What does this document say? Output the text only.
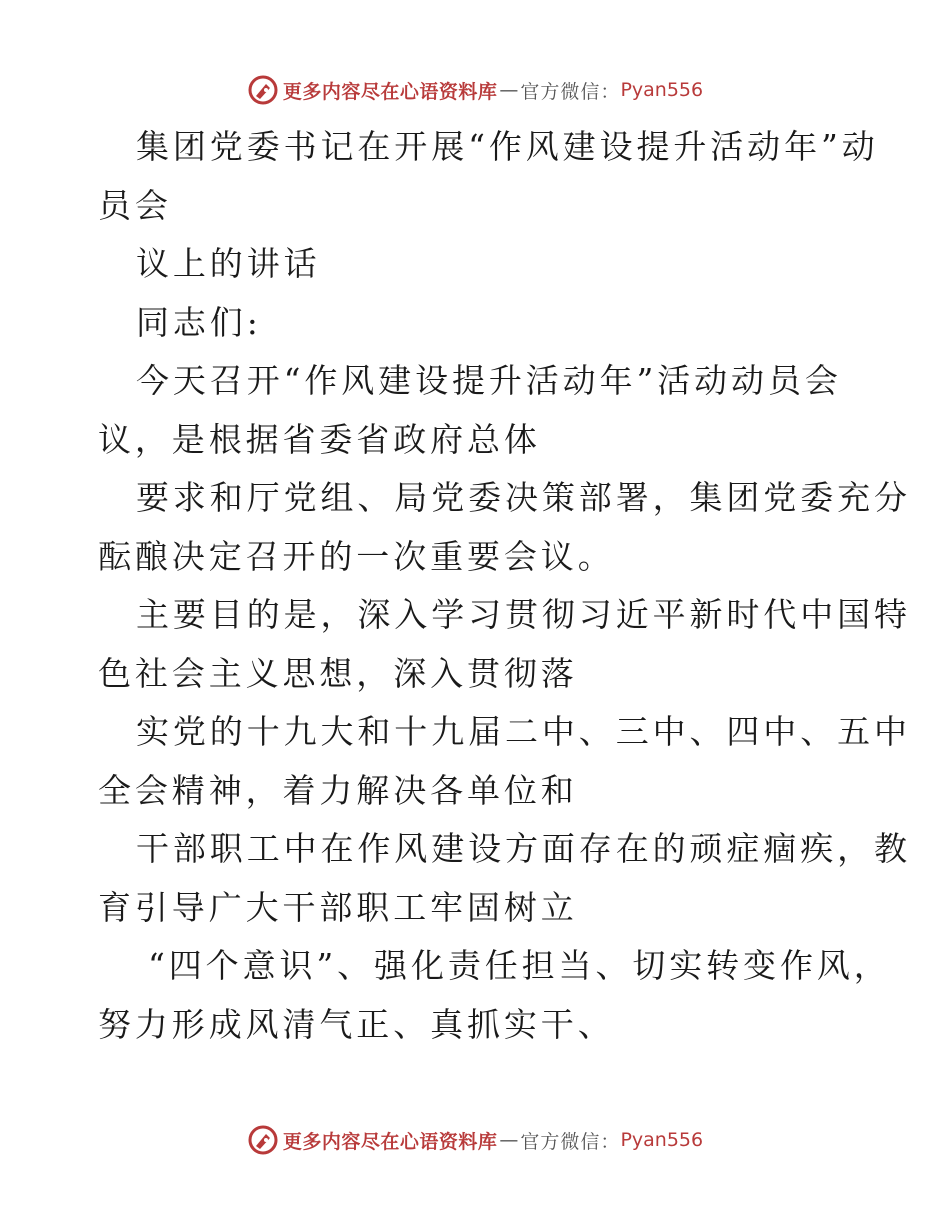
更多内容尽在心语资料库 — 官方微信： Pyan556
集团党委书记在开展“作风建设提升活动年”动
员会
议上的讲话
同志们:
今天召开“作风建设提升活动年”活动动员会
议，是根据省委省政府总体
要求和厅党组、局党委决策部署，集团党委充分
酝酿决定召开的一次重要会议。
主要目的是，深入学习贯彻习近平新时代中国特
色社会主义思想，深入贯彻落
实党的十九大和十九届二中、三中、四中、五中
全会精神，着力解决各单位和
干部职工中在作风建设方面存在的顽症痼疾，教
育引导广大干部职工牢固树立
“四个意识”、强化责任担当、切实转变作风，
努力形成风清气正、真抓实干、
更多内容尽在心语资料库 — 官方微信： Pyan556
